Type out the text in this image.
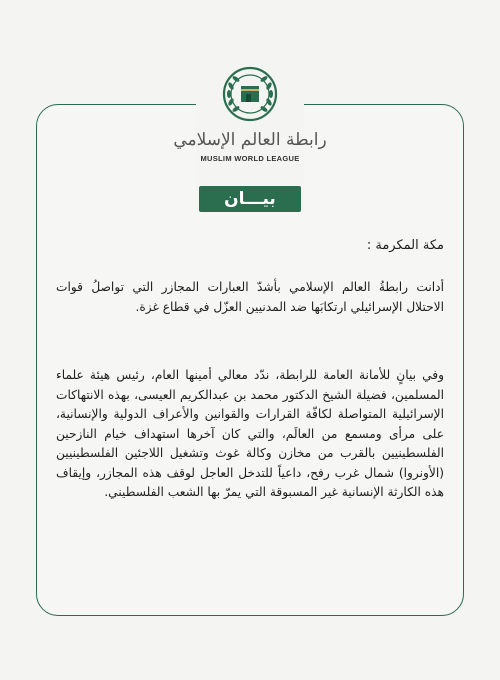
رابطة العالم الإسلامي
MUSLIM WORLD LEAGUE
بيـــان
مكة المكرمة :
أدانت رابطةُ العالم الإسلامي بأشدّ العبارات المجازر التي تواصلُ قوات الاحتلال الإسرائيلي ارتكابَها ضد المدنيين العزّل في قطاع غزة.
وفي بيانٍ للأمانة العامة للرابطة، ندّد معالي أمينها العام، رئيس هيئة علماء المسلمين، فضيلة الشيخ الدكتور محمد بن عبدالكريم العيسى، بهذه الانتهاكات الإسرائيلية المتواصلة لكافّة القرارات والقوانين والأعراف الدولية والإنسانية، على مرأى ومسمع من العالَم، والتي كان آخرها استهداف خيام النازحين الفلسطينيين بالقرب من مخازن وكالة غوث وتشغيل اللاجئين الفلسطينيين (الأونروا) شمال غرب رفح، داعياً للتدخل العاجل لوقف هذه المجازر، وإيقاف هذه الكارثة الإنسانية غير المسبوقة التي يمرّ بها الشعب الفلسطيني.
